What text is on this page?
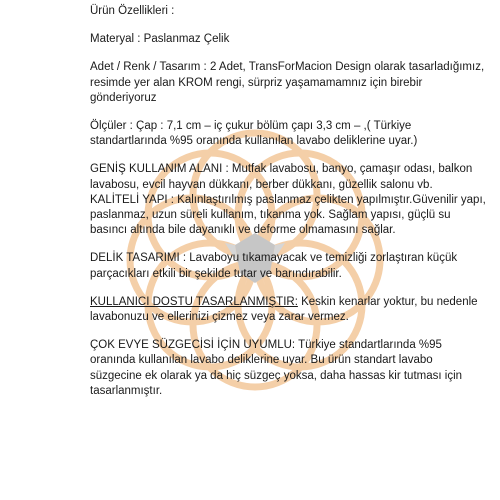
Ürün Özellikleri :

Materyal : Paslanmaz Çelik

Adet / Renk / Tasarım : 2 Adet, TransForMacion Design olarak tasarladığımız, resimde yer alan KROM rengi, sürpriz yaşamamamnız için birebir gönderiyoruz

Ölçüler : Çap : 7,1 cm – iç çukur bölüm çapı 3,3 cm – ,( Türkiye standartlarında %95 oranında kullanılan lavabo deliklerine uyar.)

GENİŞ KULLANIM ALANI : Mutfak lavabosu, banyo, çamaşır odası, balkon lavabosu, evcil hayvan dükkanı, berber dükkanı, güzellik salonu vb.

KALİTELİ YAPI : Kalınlaştırılmış paslanmaz çelikten yapılmıştır.Güvenilir yapı, paslanmaz, uzun süreli kullanım, tıkanma yok. Sağlam yapısı, güçlü su basıncı altında bile dayanıklı ve deforme olmamasını sağlar.

DELİK TASARIMI : Lavaboyu tıkamayacak ve temizliği zorlaştıran küçük parçacıkları etkili bir şekilde tutar ve barındırabilir.

KULLANICI DOSTU TASARLANMIŞTIR: Keskin kenarlar yoktur, bu nedenle lavabonuzu ve ellerinizi çizmez veya zarar vermez.

ÇOK EVYE SÜZGECİSİ İÇİN UYUMLU: Türkiye standartlarında %95 oranında kullanılan lavabo deliklerine uyar. Bu ürün standart lavabo süzgecine ek olarak ya da hiç süzgeç yoksa, daha hassas kir tutması için tasarlanmıştır.
